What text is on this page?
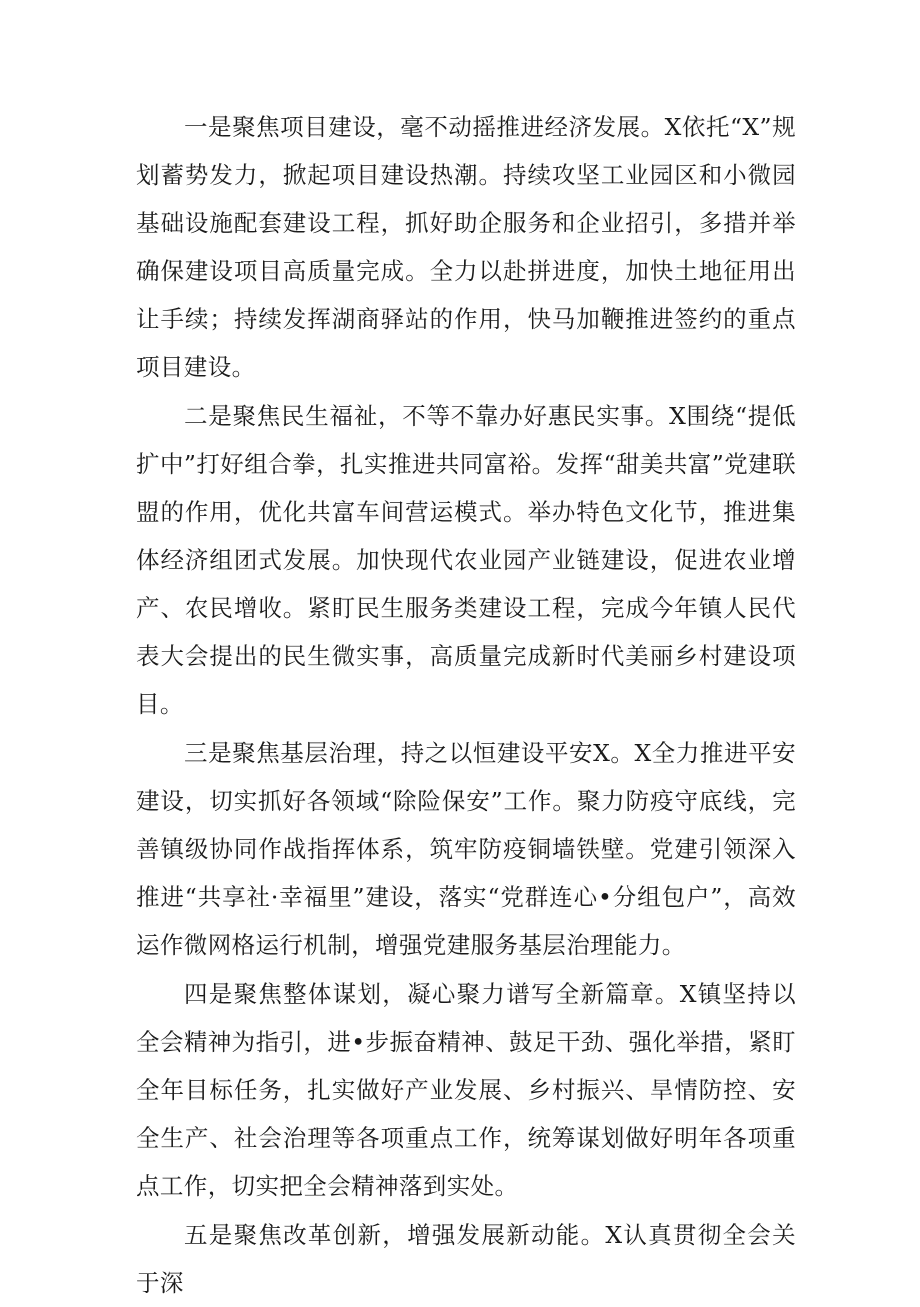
一是聚焦项目建设，毫不动摇推进经济发展。X依托“X”规划蓄势发力，掀起项目建设热潮。持续攻坚工业园区和小微园基础设施配套建设工程，抓好助企服务和企业招引，多措并举确保建设项目高质量完成。全力以赴拼进度，加快土地征用出让手续；持续发挥湖商驿站的作用，快马加鞭推进签约的重点项目建设。

二是聚焦民生福祉，不等不靠办好惠民实事。X围绕“提低扩中”打好组合拳，扎实推进共同富裕。发挥“甜美共富”党建联盟的作用，优化共富车间营运模式。举办特色文化节，推进集体经济组团式发展。加快现代农业园产业链建设，促进农业增产、农民增收。紧盯民生服务类建设工程，完成今年镇人民代表大会提出的民生微实事，高质量完成新时代美丽乡村建设项目。

三是聚焦基层治理，持之以恒建设平安X。X全力推进平安建设，切实抓好各领域“除险保安”工作。聚力防疫守底线，完善镇级协同作战指挥体系，筑牢防疫铜墙铁壁。党建引领深入推进“共享社·幸福里”建设，落实“党群连心•分组包户”，高效运作微网格运行机制，增强党建服务基层治理能力。

四是聚焦整体谋划，凝心聚力谱写全新篇章。X镇坚持以全会精神为指引，进•步振奋精神、鼓足干劲、强化举措，紧盯全年目标任务，扎实做好产业发展、乡村振兴、旱情防控、安全生产、社会治理等各项重点工作，统筹谋划做好明年各项重点工作，切实把全会精神落到实处。

五是聚焦改革创新，增强发展新动能。X认真贯彻全会关于深
